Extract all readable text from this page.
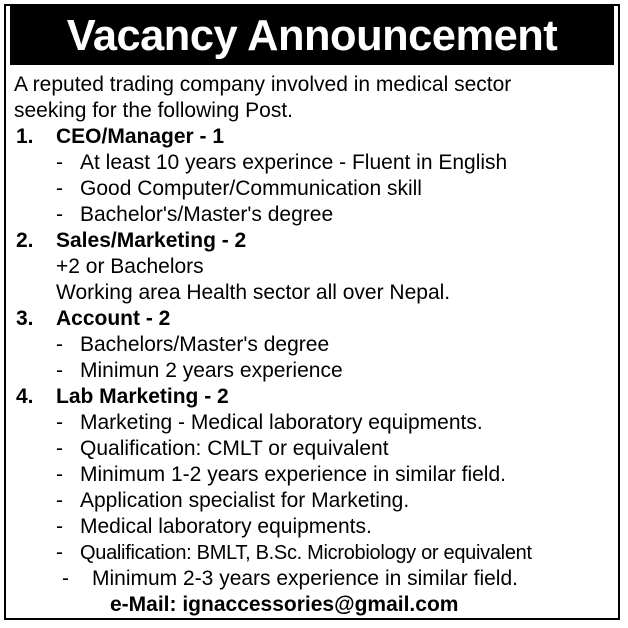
Vacancy Announcement
A reputed trading company involved in medical sector
seeking for the following Post.
1. CEO/Manager - 1
- At least 10 years experince - Fluent in English
- Good Computer/Communication skill
- Bachelor's/Master's degree
2. Sales/Marketing - 2
+2 or Bachelors
Working area Health sector all over Nepal.
3. Account - 2
- Bachelors/Master's degree
- Minimun 2 years experience
4. Lab Marketing - 2
- Marketing - Medical laboratory equipments.
- Qualification: CMLT or equivalent
- Minimum 1-2 years experience in similar field.
- Application specialist for Marketing.
- Medical laboratory equipments.
- Qualification: BMLT, B.Sc. Microbiology or equivalent
- Minimum 2-3 years experience in similar field.
e-Mail: ignaccessories@gmail.com
